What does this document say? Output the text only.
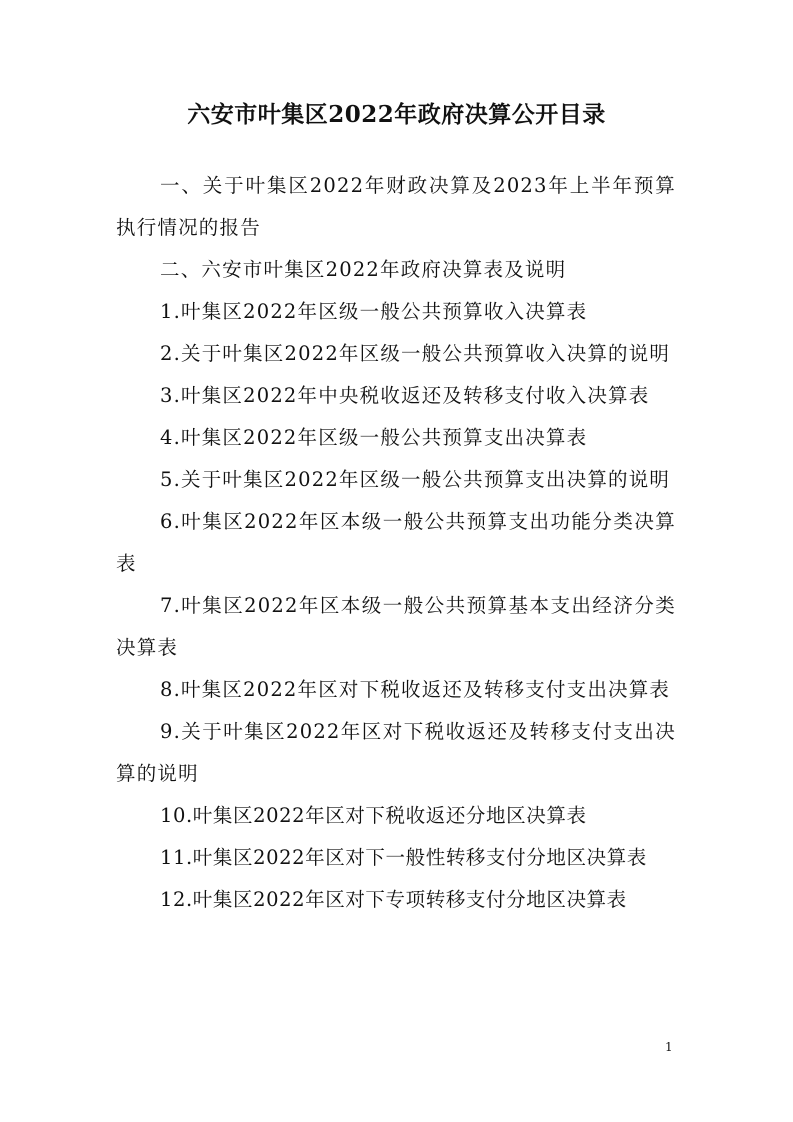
六安市叶集区2022年政府决算公开目录
一、关于叶集区2022年财政决算及2023年上半年预算执行情况的报告
二、六安市叶集区2022年政府决算表及说明
1.叶集区2022年区级一般公共预算收入决算表
2.关于叶集区2022年区级一般公共预算收入决算的说明
3.叶集区2022年中央税收返还及转移支付收入决算表
4.叶集区2022年区级一般公共预算支出决算表
5.关于叶集区2022年区级一般公共预算支出决算的说明
6.叶集区2022年区本级一般公共预算支出功能分类决算表
7.叶集区2022年区本级一般公共预算基本支出经济分类决算表
8.叶集区2022年区对下税收返还及转移支付支出决算表
9.关于叶集区2022年区对下税收返还及转移支付支出决算的说明
10.叶集区2022年区对下税收返还分地区决算表
11.叶集区2022年区对下一般性转移支付分地区决算表
12.叶集区2022年区对下专项转移支付分地区决算表
1
